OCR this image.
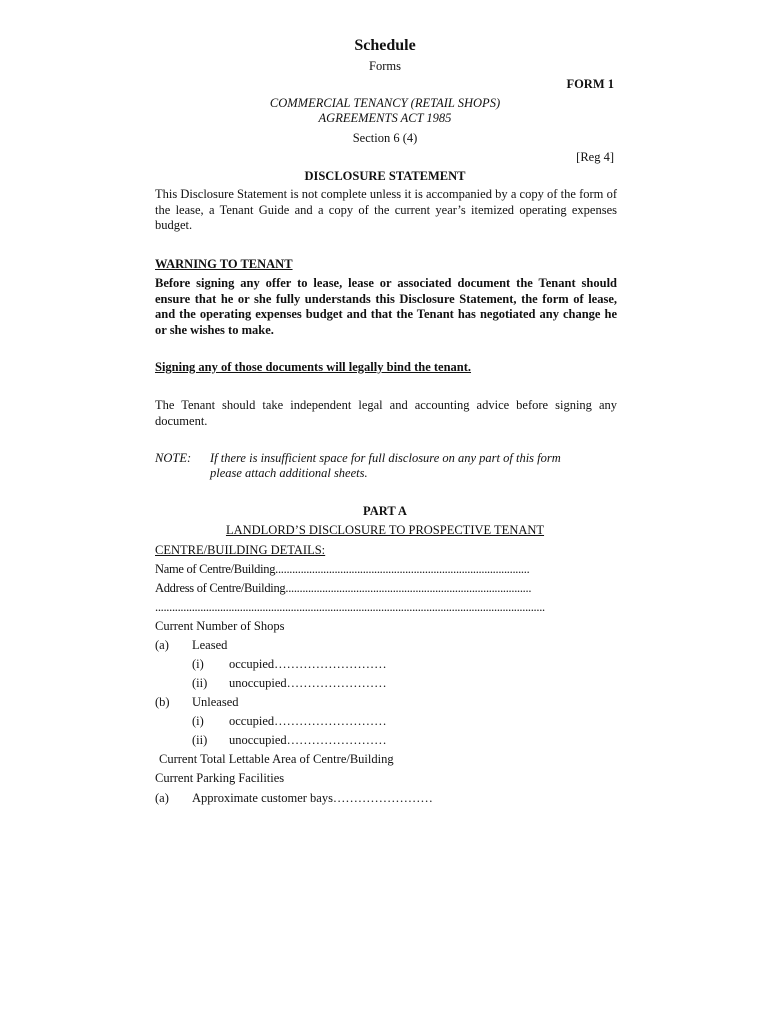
Schedule
Forms
FORM 1
COMMERCIAL TENANCY (RETAIL SHOPS)
AGREEMENTS ACT 1985
Section 6 (4)
[Reg 4]
DISCLOSURE STATEMENT
This Disclosure Statement is not complete unless it is accompanied by a copy of the form of the lease, a Tenant Guide and a copy of the current year’s itemized operating expenses budget.
WARNING TO TENANT
Before signing any offer to lease, lease or associated document the Tenant should ensure that he or she fully understands this Disclosure Statement, the form of lease, and the operating expenses budget and that the Tenant has negotiated any change he or she wishes to make.
Signing any of those documents will legally bind the tenant.
The Tenant should take independent legal and accounting advice before signing any document.
NOTE: If there is insufficient space for full disclosure on any part of this form
please attach additional sheets.
PART A
LANDLORD’S DISCLOSURE TO PROSPECTIVE TENANT
CENTRE/BUILDING DETAILS:
Name of Centre/Building..........................................................................................
Address of Centre/Building.......................................................................................
..........................................................................................................................................
Current Number of Shops
(a) Leased
(i) occupied………………………
(ii) unoccupied……………………
(b) Unleased
(i) occupied………………………
(ii) unoccupied……………………
Current Total Lettable Area of Centre/Building
Current Parking Facilities
(a) Approximate customer bays……………………
